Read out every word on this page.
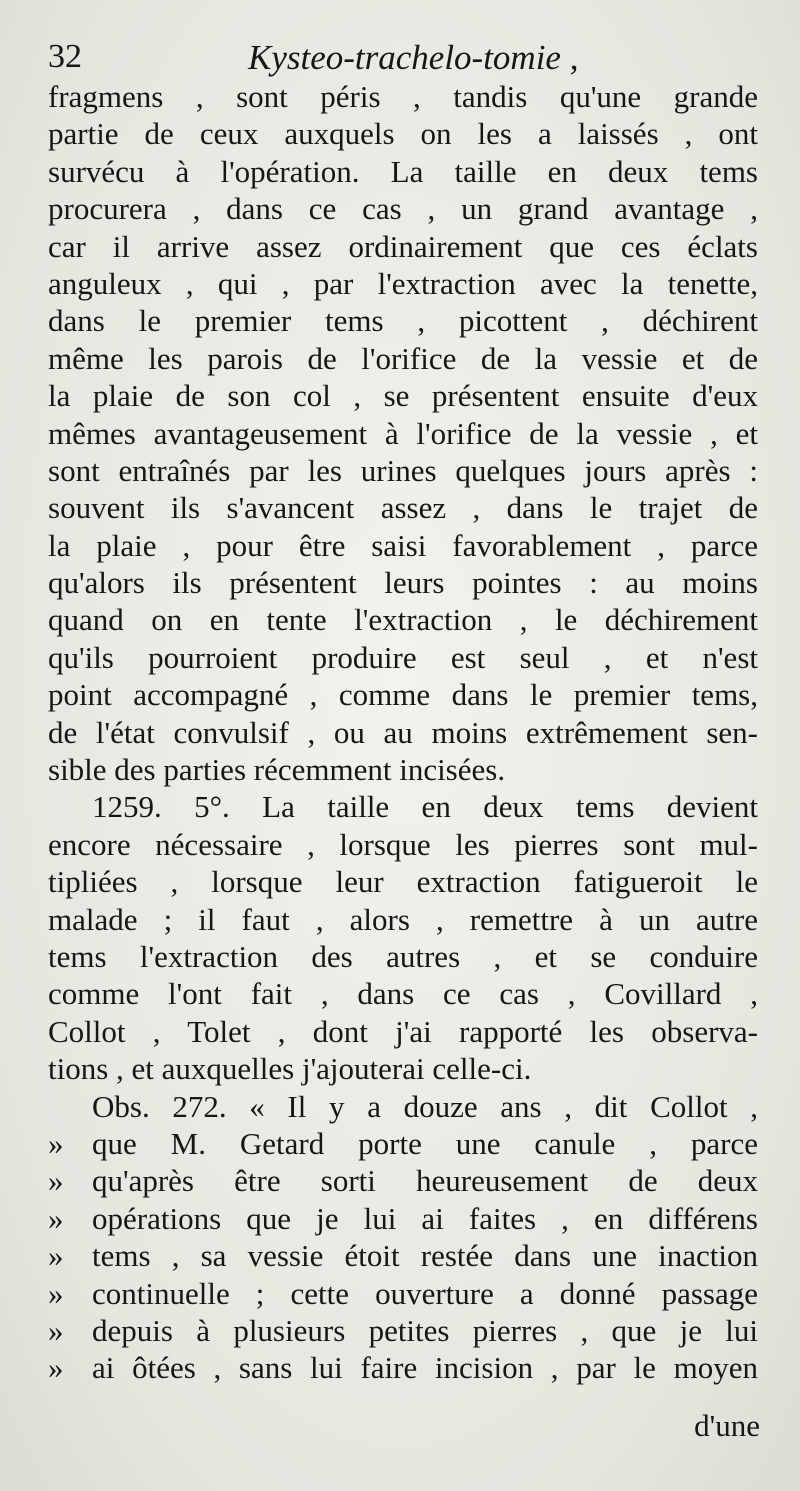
32	Kysteo-trachelo-tomie ,
fragmens , sont péris , tandis qu'une grande
partie de ceux auxquels on les a laissés , ont
survécu à l'opération. La taille en deux tems
procurera , dans ce cas , un grand avantage ,
car il arrive assez ordinairement que ces éclats
anguleux , qui , par l'extraction avec la tenette,
dans le premier tems , picottent , déchirent
même les parois de l'orifice de la vessie et de
la plaie de son col , se présentent ensuite d'eux
mêmes avantageusement à l'orifice de la vessie , et
sont entraînés par les urines quelques jours après :
souvent ils s'avancent assez , dans le trajet de
la plaie , pour être saisi favorablement , parce
qu'alors ils présentent leurs pointes : au moins
quand on en tente l'extraction , le déchirement
qu'ils pourroient produire est seul , et n'est
point accompagné , comme dans le premier tems,
de l'état convulsif , ou au moins extrêmement sen-
sible des parties récemment incisées.
1259. 5°. La taille en deux tems devient
encore nécessaire , lorsque les pierres sont mul-
tipliées , lorsque leur extraction fatigueroit le
malade ; il faut , alors , remettre à un autre
tems l'extraction des autres , et se conduire
comme l'ont fait , dans ce cas , Covillard ,
Collot , Tolet , dont j'ai rapporté les observa-
tions , et auxquelles j'ajouterai celle-ci.
Obs. 272. « Il y a douze ans , dit Collot ,
» que M. Getard porte une canule , parce
» qu'après être sorti heureusement de deux
» opérations que je lui ai faites , en différens
» tems , sa vessie étoit restée dans une inaction
» continuelle ; cette ouverture a donné passage
» depuis à plusieurs petites pierres , que je lui
» ai ôtées , sans lui faire incision , par le moyen
d'une
